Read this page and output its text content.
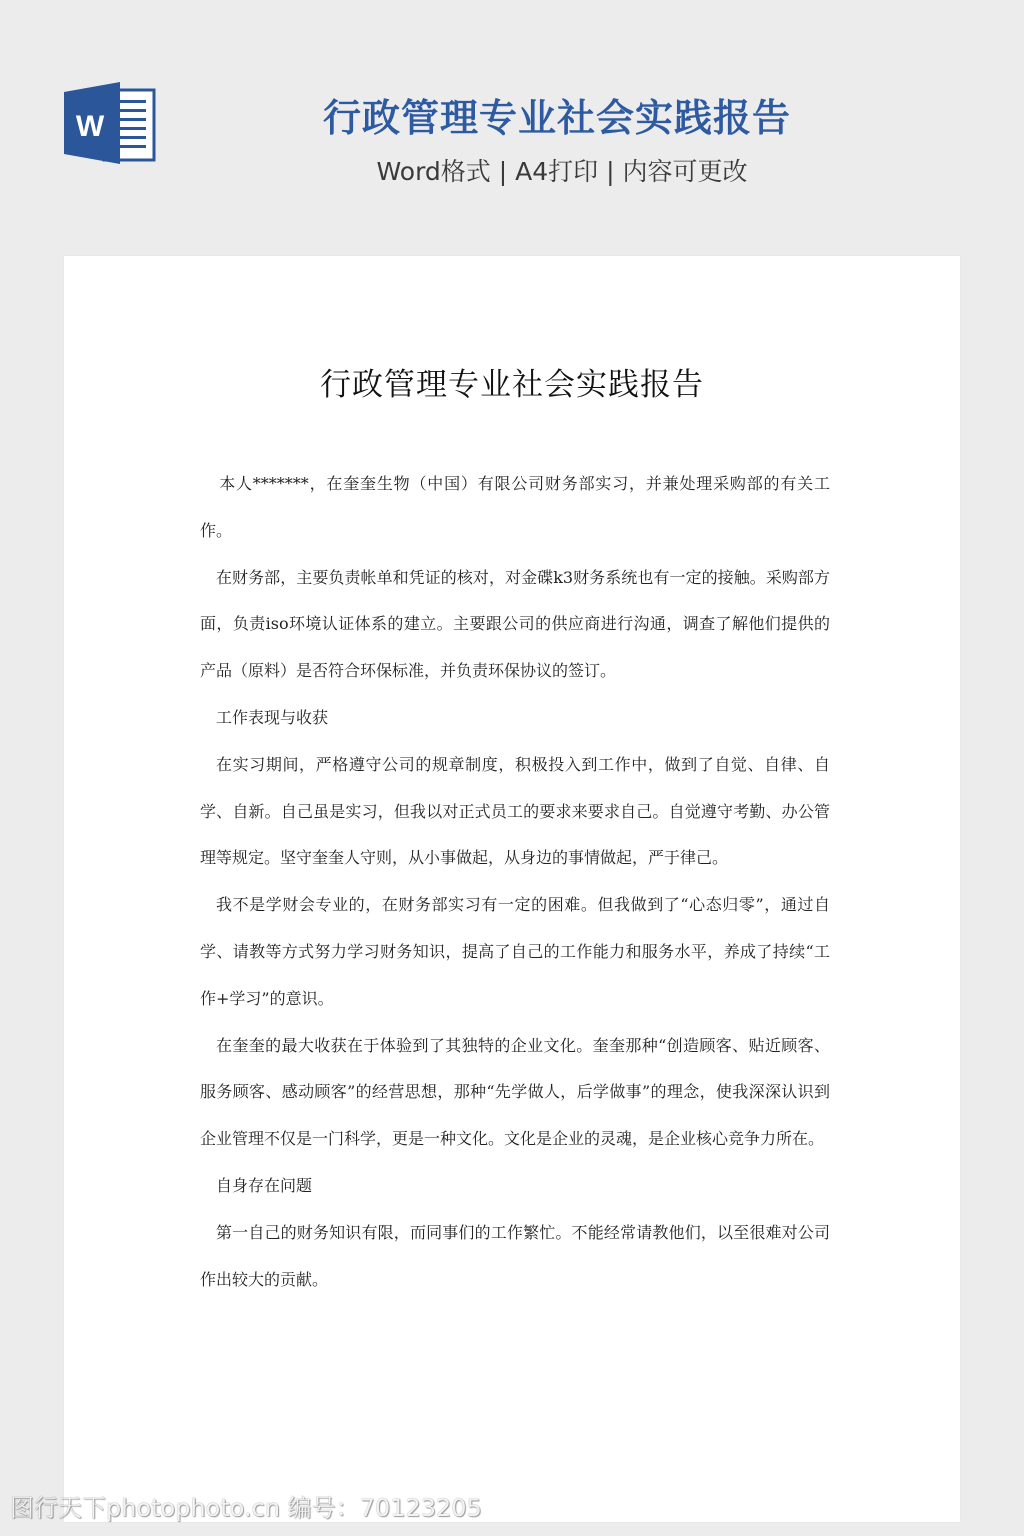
W	行政管理专业社会实践报告
Word格式 | A4打印 | 内容可更改
行政管理专业社会实践报告

本人*******，在奎奎生物（中国）有限公司财务部实习，并兼处理采购部的有关工作。

在财务部，主要负责帐单和凭证的核对，对金碟k3财务系统也有一定的接触。采购部方面，负责iso环境认证体系的建立。主要跟公司的供应商进行沟通，调查了解他们提供的产品（原料）是否符合环保标准，并负责环保协议的签订。

工作表现与收获

在实习期间，严格遵守公司的规章制度，积极投入到工作中，做到了自觉、自律、自学、自新。自己虽是实习，但我以对正式员工的要求来要求自己。自觉遵守考勤、办公管理等规定。坚守奎奎人守则，从小事做起，从身边的事情做起，严于律己。

我不是学财会专业的，在财务部实习有一定的困难。但我做到了“心态归零”，通过自学、请教等方式努力学习财务知识，提高了自己的工作能力和服务水平，养成了持续“工作+学习”的意识。

在奎奎的最大收获在于体验到了其独特的企业文化。奎奎那种“创造顾客、贴近顾客、服务顾客、感动顾客”的经营思想，那种“先学做人，后学做事”的理念，使我深深认识到企业管理不仅是一门科学，更是一种文化。文化是企业的灵魂，是企业核心竞争力所在。

自身存在问题

第一自己的财务知识有限，而同事们的工作繁忙。不能经常请教他们，以至很难对公司作出较大的贡献。

图行天下photophoto.cn 编号：70123205
